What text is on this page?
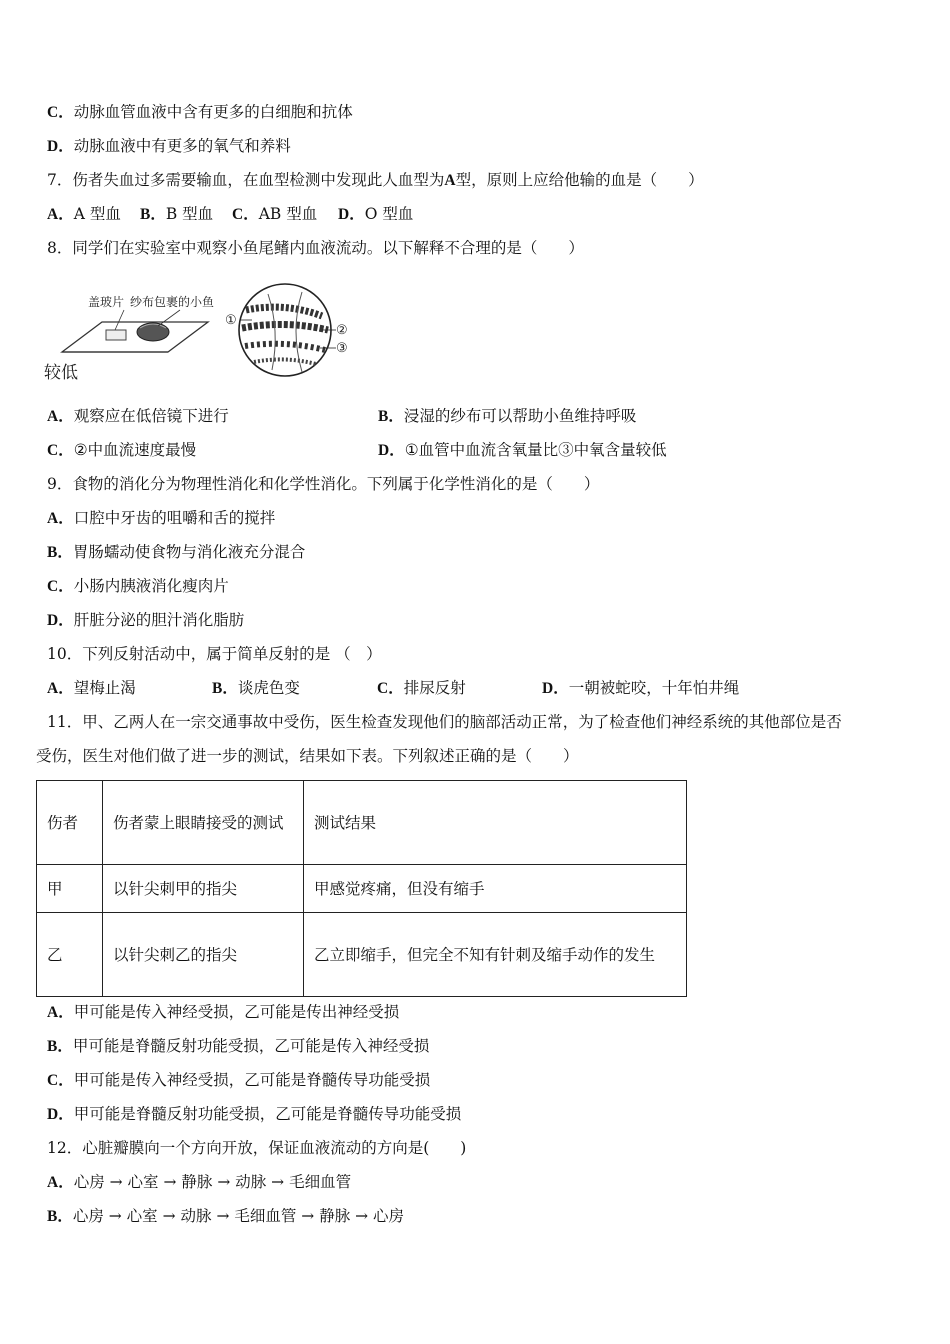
C．动脉血管血液中含有更多的白细胞和抗体
D．动脉血液中有更多的氧气和养料
7．伤者失血过多需要输血，在血型检测中发现此人血型为A型，原则上应给他输的血是（　　）
A．A 型血 B．B 型血 C．AB 型血 D．O 型血
8．同学们在实验室中观察小鱼尾鳍内血液流动。以下解释不合理的是（　　）
盖玻片 纱布包裹的小鱼
较低
①
②
③
A．观察应在低倍镜下进行	B．浸湿的纱布可以帮助小鱼维持呼吸
C．②中血流速度最慢	D．①血管中血流含氧量比③中氧含量较低
9．食物的消化分为物理性消化和化学性消化。下列属于化学性消化的是（　　）
A．口腔中牙齿的咀嚼和舌的搅拌
B．胃肠蠕动使食物与消化液充分混合
C．小肠内胰液消化瘦肉片
D．肝脏分泌的胆汁消化脂肪
10．下列反射活动中，属于简单反射的是 （　）
A．望梅止渴	B．谈虎色变	C．排尿反射	D．一朝被蛇咬，十年怕井绳
11．甲、乙两人在一宗交通事故中受伤，医生检查发现他们的脑部活动正常，为了检查他们神经系统的其他部位是否
受伤，医生对他们做了进一步的测试，结果如下表。下列叙述正确的是（　　）
伤者	伤者蒙上眼睛接受的测试	测试结果
甲	以针尖刺甲的指尖	甲感觉疼痛，但没有缩手
乙	以针尖刺乙的指尖	乙立即缩手，但完全不知有针刺及缩手动作的发生
A．甲可能是传入神经受损，乙可能是传出神经受损
B．甲可能是脊髓反射功能受损，乙可能是传入神经受损
C．甲可能是传入神经受损，乙可能是脊髓传导功能受损
D．甲可能是脊髓反射功能受损，乙可能是脊髓传导功能受损
12．心脏瓣膜向一个方向开放，保证血液流动的方向是(　　)
A．心房 → 心室 → 静脉 → 动脉 → 毛细血管
B．心房 → 心室 → 动脉 → 毛细血管 → 静脉 → 心房
